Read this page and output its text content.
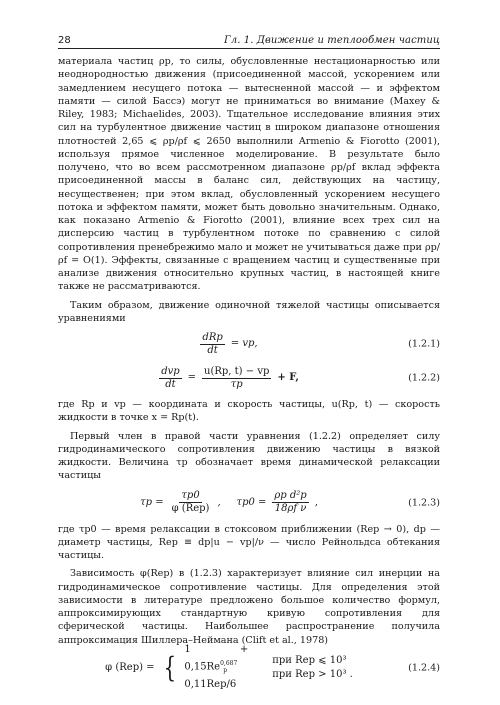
28	Гл. 1. Движение и теплообмен частиц

материала частиц ρp, то силы, обусловленные нестационарностью или неоднородностью движения (присоединенной массой, ускорением или замедлением несущего потока — вытесненной массой — и эффектом памяти — силой Бассэ) могут не приниматься во внимание (Maxey & Riley, 1983; Michaelides, 2003). Тщательное исследование влияния этих сил на турбулентное движение частиц в широком диапазоне отношения плотностей 2,65 ⩽ ρp/ρf ⩽ 2650 выполнили Armenio & Fiorotto (2001), используя прямое численное моделирование. В результате было получено, что во всем рассмотренном диапазоне ρp/ρf вклад эффекта присоединенной массы в баланс сил, действующих на частицу, несущественен; при этом вклад, обусловленный ускорением несущего потока и эффектом памяти, может быть довольно значительным. Однако, как показано Armenio & Fiorotto (2001), влияние всех трех сил на дисперсию частиц в турбулентном потоке по сравнению с силой сопротивления пренебрежимо мало и может не учитываться даже при ρp/ρf = O(1). Эффекты, связанные с вращением частиц и существенные при анализе движения относительно крупных частиц, в настоящей книге также не рассматриваются.

Таким образом, движение одиночной тяжелой частицы описывается уравнениями

$\frac{\text{dRp}}{dt}$ = vp,	(1.2.1)
$\frac{\text{dvp}}{dt} = \frac{u(Rp, t) - vp}{\tau p} + F$,	(1.2.2)

где Rp и vp — координата и скорость частицы, u(Rp, t) — скорость жидкости в точке x = Rp(t).

Первый член в правой части уравнения (1.2.2) определяет силу гидродинамического сопротивления движению частицы в вязкой жидкости. Величина τp обозначает время динамической релаксации частицы

$\tau p = \frac{\tau p0}{\text{φ (Rep)}}$ ,     $\tau p0 = \frac{\text{ρp d²p}}{\text{18ρf ν}}$ ,	(1.2.3)

где τp0 — время релаксации в стоксовом приближении (Rep → 0), dp — диаметр частицы, Rep ≡ dp|u − vp|/ν — число Рейнольдса обтекания частицы.

Зависимость φ(Rep) в (1.2.3) характеризует влияние сил инерции на гидродинамическое сопротивление частицы. Для определения этой зависимости в литературе предложено большое количество формул, аппроксимирующих стандартную кривую сопротивления для сферической частицы. Наибольшее распространение получила аппроксимация Шиллера–Неймана (Clift et al., 1978)

φ (Rep) = {
1 + 0,15Re$^{0,687}_p$
0,11Rep/6
при Rep ⩽ 10³
при Rep > 10³ .
(1.2.4)
